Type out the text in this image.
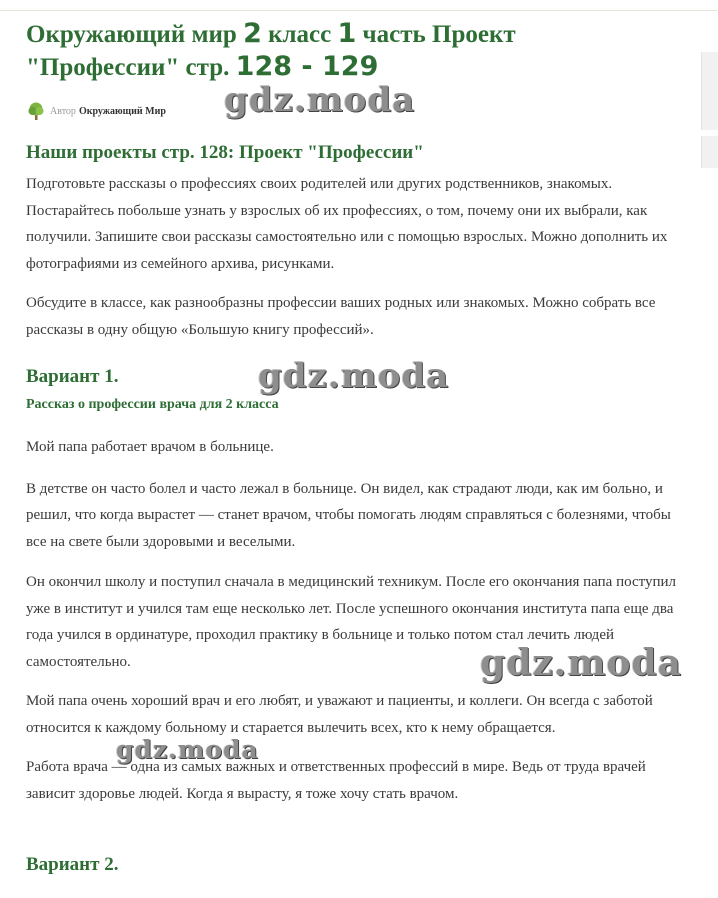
Окружающий мир 2 класс 1 часть Проект
"Профессии" стр. 128 - 129
Автор Окружающий Мир
Наши проекты стр. 128: Проект "Профессии"

Подготовьте рассказы о профессиях своих родителей или других родственников, знакомых. Постарайтесь побольше узнать у взрослых об их профессиях, о том, почему они их выбрали, как получили. Запишите свои рассказы самостоятельно или с помощью взрослых. Можно дополнить их фотографиями из семейного архива, рисунками.

Обсудите в классе, как разнообразны профессии ваших родных или знакомых. Можно собрать все рассказы в одну общую «Большую книгу профессий».

Вариант 1.
Рассказ о профессии врача для 2 класса

Мой папа работает врачом в больнице.

В детстве он часто болел и часто лежал в больнице. Он видел, как страдают люди, как им больно, и решил, что когда вырастет — станет врачом, чтобы помогать людям справляться с болезнями, чтобы все на свете были здоровыми и веселыми.

Он окончил школу и поступил сначала в медицинский техникум. После его окончания папа поступил уже в институт и учился там еще несколько лет. После успешного окончания института папа еще два года учился в ординатуре, проходил практику в больнице и только потом стал лечить людей самостоятельно.

Мой папа очень хороший врач и его любят, и уважают и пациенты, и коллеги. Он всегда с заботой относится к каждому больному и старается вылечить всех, кто к нему обращается.

Работа врача — одна из самых важных и ответственных профессий в мире. Ведь от труда врачей зависит здоровье людей. Когда я вырасту, я тоже хочу стать врачом.

Вариант 2.
gdz.moda
gdz.moda
gdz.moda
gdz.moda
